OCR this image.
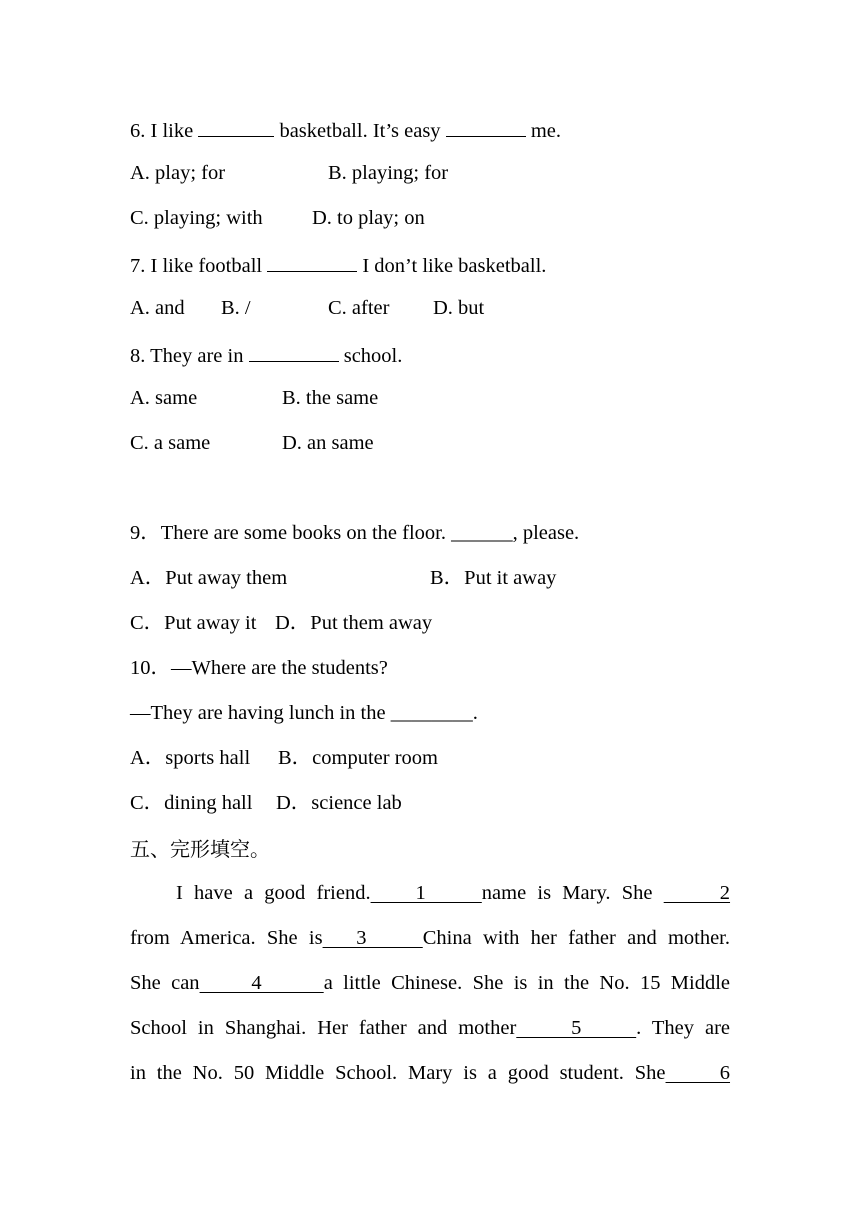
6. I like	basketball. It’s easy	me.
A. play; for	B. playing; for
C. playing; with D. to play; on
7. I like football	I don’t like basketball.
A. and B. /	C. after D. but
8. They are in	school.
A. same	B. the same
C. a same	D. an same
9．There are some books on the floor. ______, please.
A．Put away them	B．Put it away
C．Put away it D．Put them away
10．—Where are the students?
—They are having lunch in the ________.
A．sports hall B．computer room
C．dining hall D．science lab
五、完形填空。
I have a good friend.    1     name is Mary. She      2
from America. She is   3     China with her father and mother.
She can     4      a little Chinese. She is in the No. 15 Middle
School in Shanghai. Her father and mother     5     . They are
in the No. 50 Middle School. Mary is a good student. She     6
